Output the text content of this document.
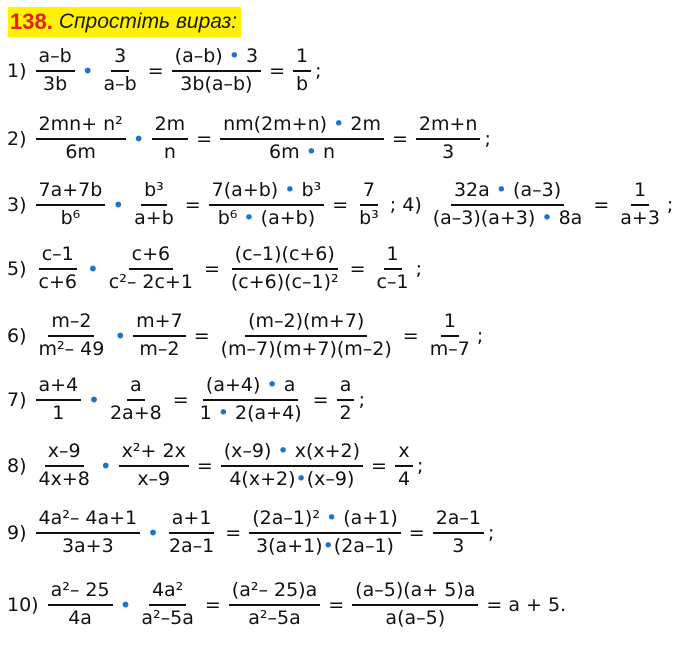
138. Спростіть вираз:
$1) \frac{a-b}{3b}$ • $\frac{3}{a-b} = \frac{(a-b) • 3}{3b(a-b)} = \frac{1}{b}$ ;
$2) \frac{\text{2mn+ n²}}{6m}$ • $\frac{2m}{n} = \frac{nm(2m+n) • 2m}{6m • n} = \frac{2m+n}{3}$ ;
$3) \frac{7a+7b}{\text{b⁶}}$ • $\frac{\text{b³}}{a+b} = \frac{\text{7(a+b) • b³}}{\text{b⁶ • (a+b)}} = \frac{7}{\text{b³}}$ ; $4) \frac{32a • (a-3)}{(a-3)(a+3) • 8a} = \frac{1}{a+3}$ ;
$5) \frac{c-1}{c+6}$ • $\frac{c+6}{\text{c²– 2c+1}} = \frac{(c-1)(c+6)}{\text{(c+6)(c–1)²}} = \frac{1}{c-1}$ ;
$6) \frac{m-2}{\text{m²– 49}}$ • $\frac{m+7}{m-2} = \frac{(m-2)(m+7)}{(m-7)(m+7)(m-2)} = \frac{1}{m-7}$ ;
$7) \frac{a+4}{1}$ • $\frac{a}{2a+8} = \frac{(a+4) • a}{1 • 2(a+4)} = \frac{a}{2}$ ;
$8) \frac{x-9}{4x+8}$ • $\frac{\text{x²+ 2x}}{x-9} = \frac{(x-9) • x(x+2)}{4(x+2)•(x-9)} = \frac{x}{4}$ ;
$9) \frac{\text{4a²– 4a+1}}{3a+3}$ • $\frac{a+1}{2a-1} = \frac{\text{(2a–1)² • (a+1)}}{3(a+1)•(2a-1)} = \frac{2a-1}{3}$ ;
$10) \frac{\text{a²– 25}}{4a}$ • $\frac{\text{4a²}}{\text{a²–5a}} = \frac{\text{(a²– 25)a}}{\text{a²–5a}} = \frac{(a-5)(a+ 5)a}{a(a-5)} = a + 5$.
